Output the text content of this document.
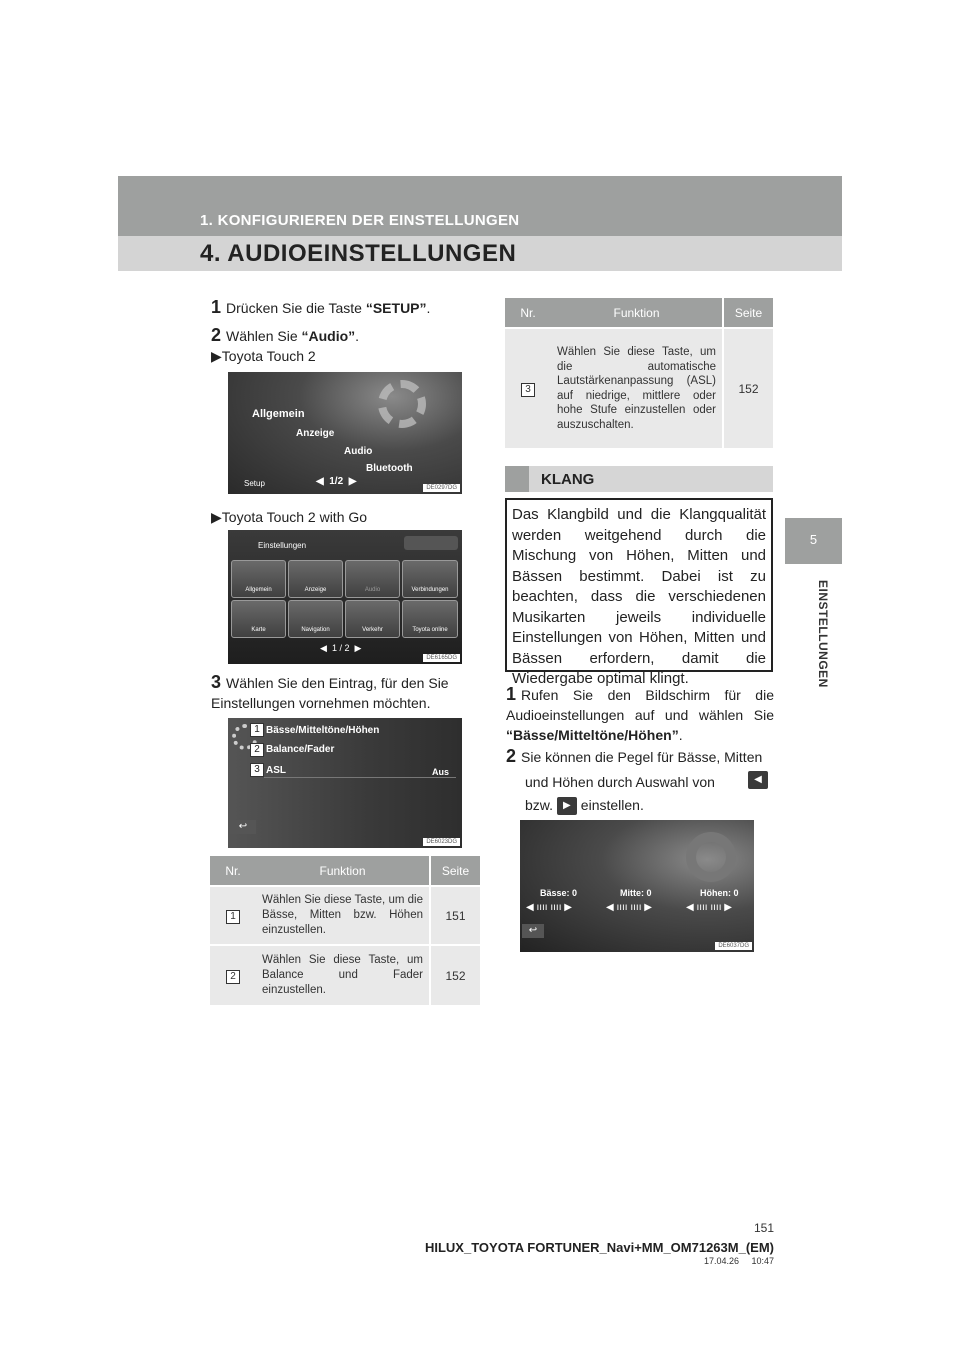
1. KONFIGURIEREN DER EINSTELLUNGEN
4. AUDIOEINSTELLUNGEN
5
EINSTELLUNGEN
1 Drücken Sie die Taste “SETUP”.
2 Wählen Sie “Audio”.
▶Toyota Touch 2
Allgemein
Anzeige
Audio
Bluetooth
Setup	◀  1/2  ▶
DE0297DG
▶Toyota Touch 2 with Go
Einstellungen
Allgemein	Anzeige	Audio	Verbindungen
Karte	Navigation	Verkehr	Toyota online
◀  1 / 2  ▶
DE6165DG
3 Wählen Sie den Eintrag, für den Sie Einstellungen vornehmen möchten.
Bässe/Mitteltöne/Höhen
Balance/Fader
ASL	Aus
↩
DE6023DG
1
2
3
Nr.	Funktion	Seite
1	Wählen Sie diese Taste, um die Bässe, Mitten bzw. Höhen einzustellen.	151
2	Wählen Sie diese Taste, um Balance und Fader einzustellen.	152
Nr.	Funktion	Seite
3	Wählen Sie diese Taste, um die automatische Lautstärkenanpassung (ASL) auf niedrige, mittlere oder hohe Stufe einzustellen oder auszuschalten.	152
KLANG
Das Klangbild und die Klangqualität werden weitgehend durch die Mischung von Höhen, Mitten und Bässen bestimmt. Dabei ist zu beachten, dass die verschiedenen Musikarten jeweils individuelle Einstellungen von Höhen, Mitten und Bässen erfordern, damit die Wiedergabe optimal klingt.
1 Rufen Sie den Bildschirm für die Audioeinstellungen auf und wählen Sie “Bässe/Mitteltöne/Höhen”.
2 Sie können die Pegel für Bässe, Mitten
und Höhen durch Auswahl von	◀
bzw. ▶ einstellen.
Bässe: 0	Mitte: 0	Höhen: 0
◀ ıııı ıııı ▶	◀ ıııı ıııı ▶	◀ ıııı ıııı ▶
↩
DE6037DG
151
HILUX_TOYOTA FORTUNER_Navi+MM_OM71263M_(EM)
17.04.26     10:47
